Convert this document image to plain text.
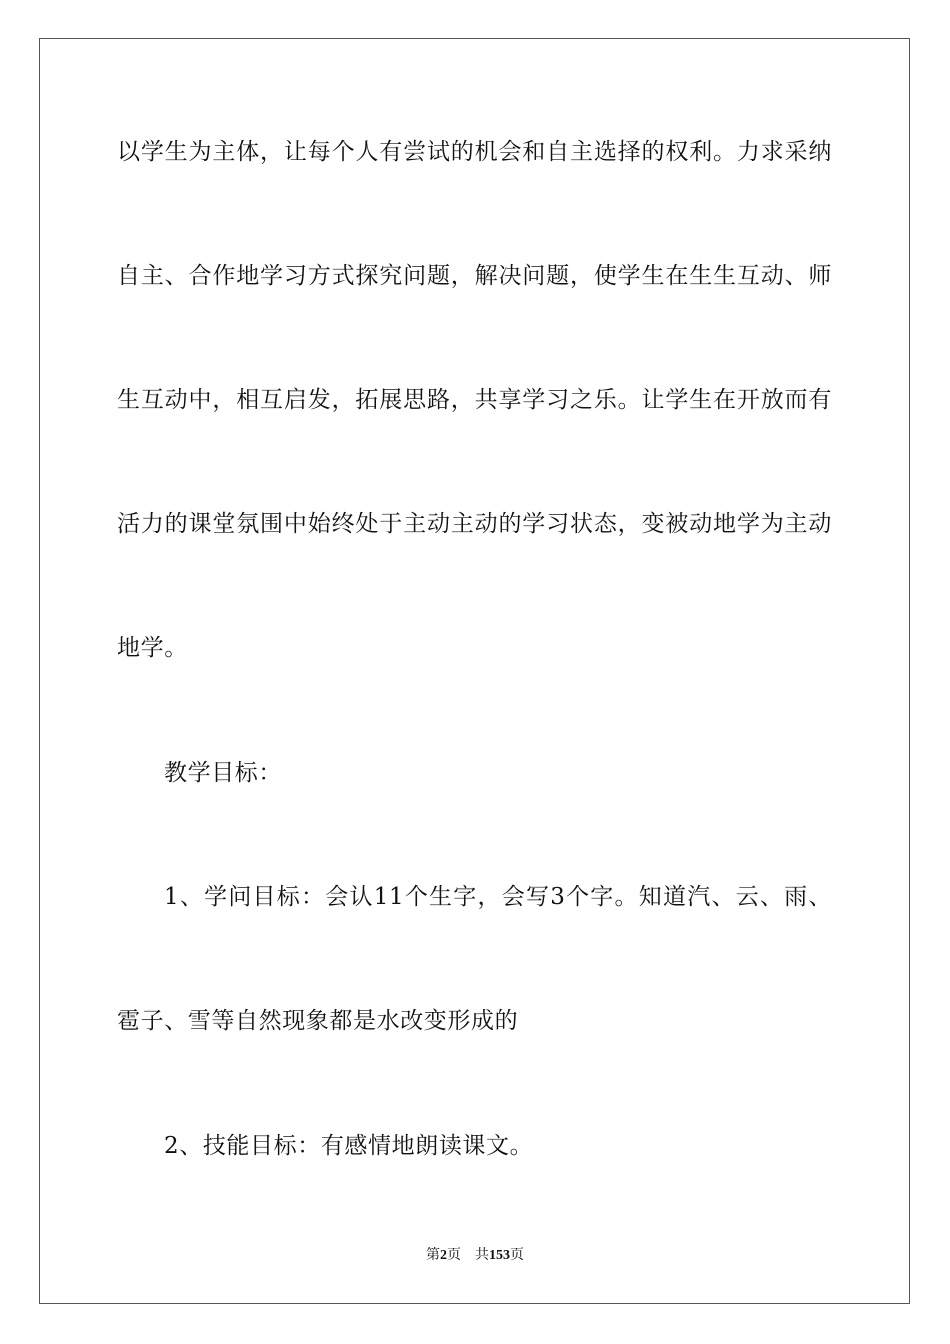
以学生为主体，让每个人有尝试的机会和自主选择的权利。力求采纳
自主、合作地学习方式探究问题，解决问题，使学生在生生互动、师
生互动中，相互启发，拓展思路，共享学习之乐。让学生在开放而有
活力的课堂氛围中始终处于主动主动的学习状态，变被动地学为主动
地学。
教学目标：
1、学问目标：会认11个生字，会写3个字。知道汽、云、雨、
雹子、雪等自然现象都是水改变形成的
2、技能目标：有感情地朗读课文。
第2页 共153页
